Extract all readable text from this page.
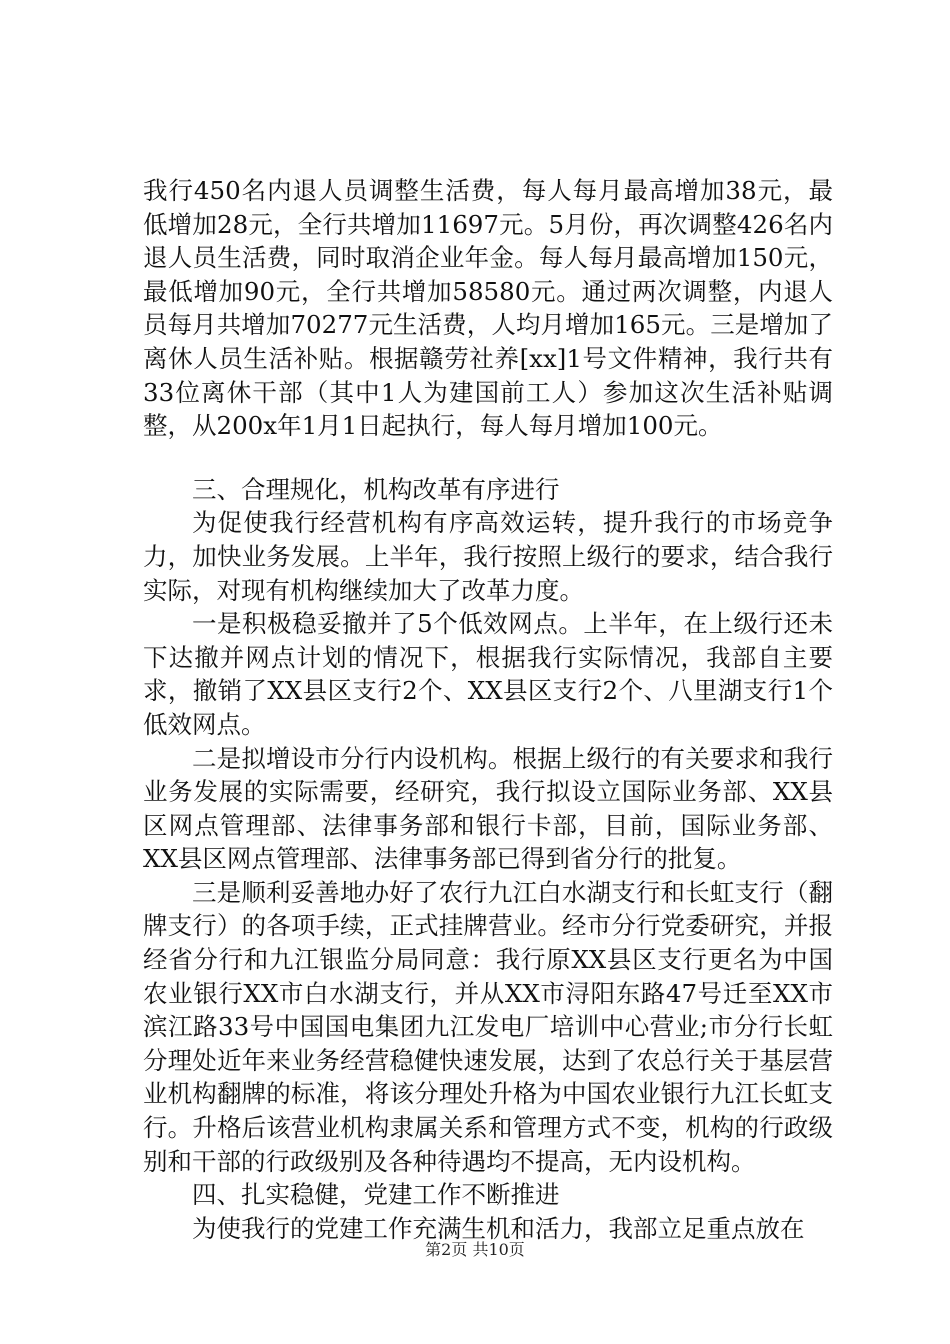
我行450名内退人员调整生活费，每人每月最高增加38元，最低增加28元，全行共增加11697元。5月份，再次调整426名内退人员生活费，同时取消企业年金。每人每月最高增加150元，最低增加90元，全行共增加58580元。通过两次调整，内退人员每月共增加70277元生活费，人均月增加165元。三是增加了离休人员生活补贴。根据赣劳社养[xx]1号文件精神，我行共有33位离休干部（其中1人为建国前工人）参加这次生活补贴调整，从200x年1月1日起执行，每人每月增加100元。

三、合理规化，机构改革有序进行

为促使我行经营机构有序高效运转，提升我行的市场竞争力，加快业务发展。上半年，我行按照上级行的要求，结合我行实际，对现有机构继续加大了改革力度。

一是积极稳妥撤并了5个低效网点。上半年，在上级行还未下达撤并网点计划的情况下，根据我行实际情况，我部自主要求，撤销了XX县区支行2个、XX县区支行2个、八里湖支行1个低效网点。

二是拟增设市分行内设机构。根据上级行的有关要求和我行业务发展的实际需要，经研究，我行拟设立国际业务部、XX县区网点管理部、法律事务部和银行卡部，目前，国际业务部、XX县区网点管理部、法律事务部已得到省分行的批复。

三是顺利妥善地办好了农行九江白水湖支行和长虹支行（翻牌支行）的各项手续，正式挂牌营业。经市分行党委研究，并报经省分行和九江银监分局同意：我行原XX县区支行更名为中国农业银行XX市白水湖支行，并从XX市浔阳东路47号迁至XX市滨江路33号中国国电集团九江发电厂培训中心营业;市分行长虹分理处近年来业务经营稳健快速发展，达到了农总行关于基层营业机构翻牌的标准，将该分理处升格为中国农业银行九江长虹支行。升格后该营业机构隶属关系和管理方式不变，机构的行政级别和干部的行政级别及各种待遇均不提高，无内设机构。

四、扎实稳健，党建工作不断推进

为使我行的党建工作充满生机和活力，我部立足重点放在

第2页 共10页
